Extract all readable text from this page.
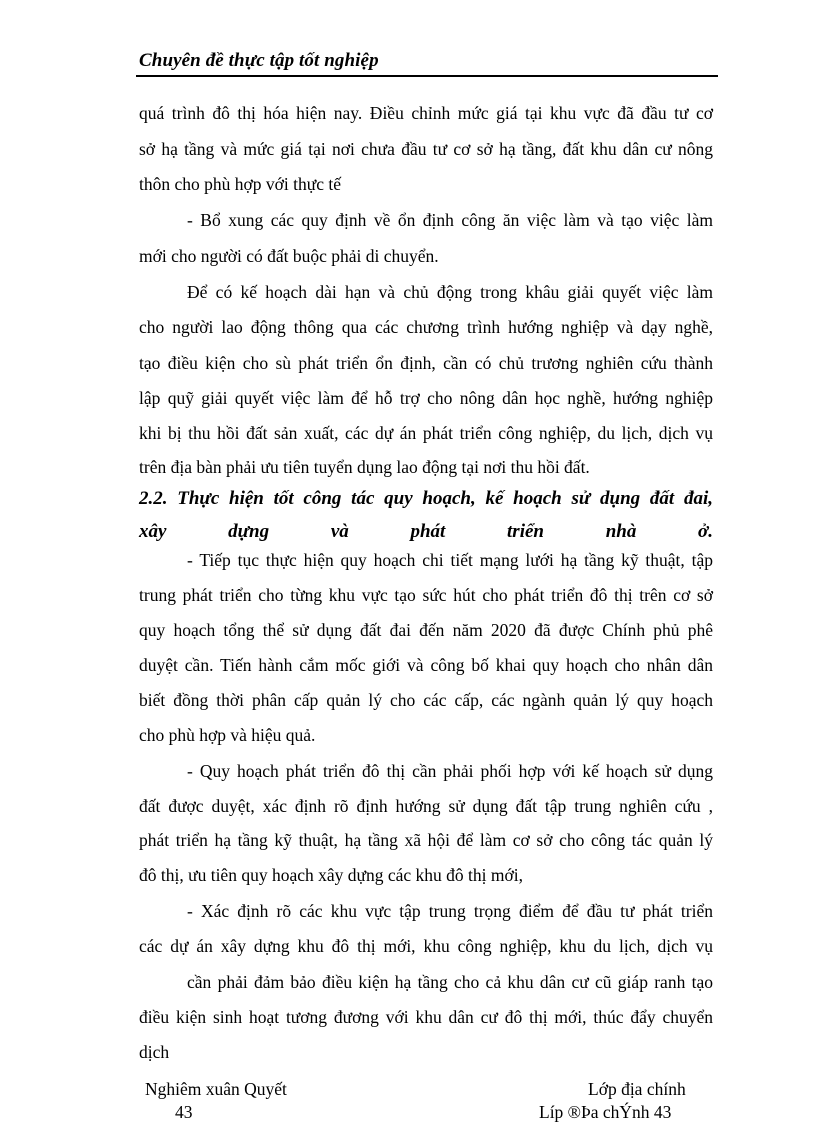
Chuyên đề thực tập tốt nghiệp
quá trình đô thị hóa hiện nay. Điều chỉnh mức giá tại khu vực đã đầu tư cơ
sở hạ tầng và mức giá tại nơi chưa đầu tư cơ sở hạ tầng, đất khu dân cư nông
thôn cho phù hợp với thực tế
- Bổ xung các quy định về ổn định công ăn việc làm và tạo việc làm
mới cho người có đất buộc phải di chuyển.
Để có kế hoạch dài hạn và chủ động trong khâu giải quyết việc làm
cho người lao động thông qua các chương trình hướng nghiệp và dạy nghề,
tạo điều kiện cho sù phát triển ổn định, cần có chủ trương nghiên cứu thành
lập quỹ giải quyết việc làm để hỗ trợ cho nông dân học nghề, hướng nghiệp
khi bị thu hồi đất sản xuất, các dự án phát triển công nghiệp, du lịch, dịch vụ
trên địa bàn phải ưu tiên tuyển dụng lao động tại nơi thu hồi đất.
2.2. Thực hiện tốt công tác quy hoạch, kế hoạch sử dụng đất đai,
xây dựng và phát triển nhà ở.
- Tiếp tục thực hiện quy hoạch chi tiết mạng lưới hạ tầng kỹ thuật, tập
trung phát triển cho từng khu vực tạo sức hút cho phát triển đô thị trên cơ sở
quy hoạch tổng thể sử dụng đất đai đến năm 2020 đã được Chính phủ phê
duyệt cần. Tiến hành cắm mốc giới và công bố khai quy hoạch cho nhân dân
biết đồng thời phân cấp quản lý cho các cấp, các ngành quản lý quy hoạch
cho phù hợp và hiệu quả.
- Quy hoạch phát triển đô thị cần phải phối hợp với kế hoạch sử dụng
đất được duyệt, xác định rõ định hướng sử dụng đất tập trung nghiên cứu ,
phát triển hạ tầng kỹ thuật, hạ tầng xã hội để làm cơ sở cho công tác quản lý
đô thị, ưu tiên quy hoạch xây dựng các khu đô thị mới,
- Xác định rõ các khu vực tập trung trọng điểm để đầu tư phát triển
các dự án xây dựng khu đô thị mới, khu công nghiệp, khu du lịch, dịch vụ
cần phải đảm bảo điều kiện hạ tầng cho cả khu dân cư cũ giáp ranh tạo
điều kiện sinh hoạt tương đương với khu dân cư đô thị mới, thúc đẩy chuyển
dịch
Nghiêm xuân Quyết
43
Lớp địa chính
Líp ®Þa chÝnh 43
